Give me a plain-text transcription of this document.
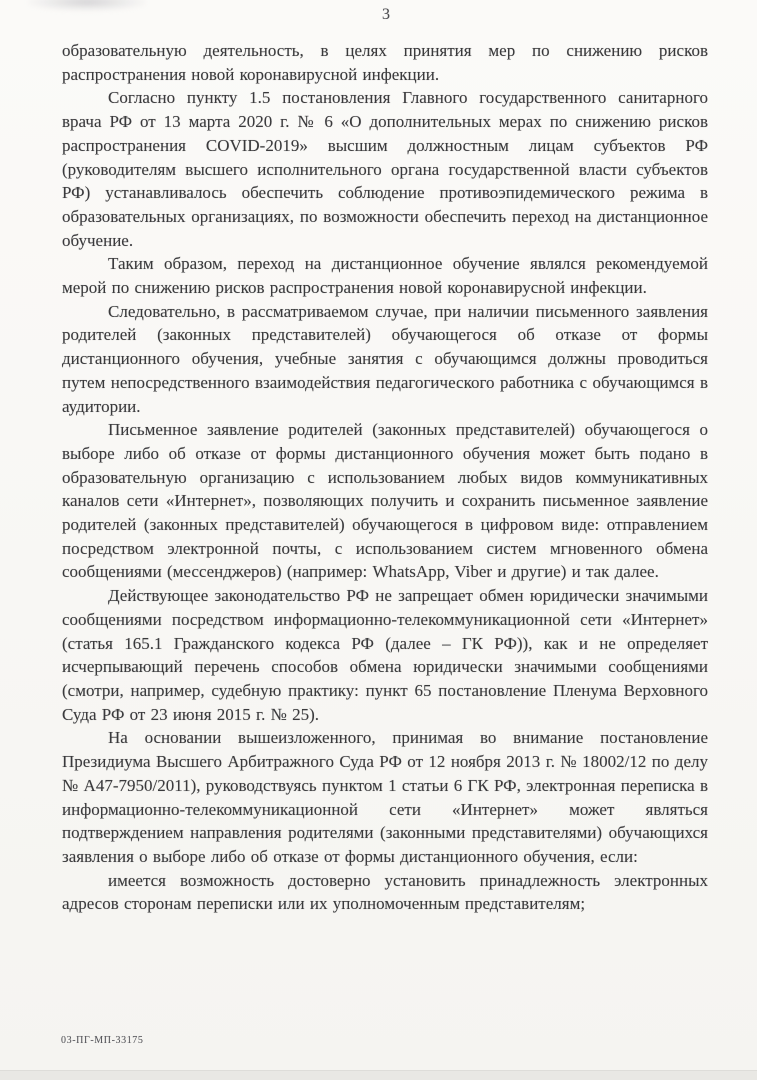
3

образовательную деятельность, в целях принятия мер по снижению рисков распространения новой коронавирусной инфекции.

Согласно пункту 1.5 постановления Главного государственного санитарного врача РФ от 13 марта 2020 г. № 6 «О дополнительных мерах по снижению рисков распространения COVID-2019» высшим должностным лицам субъектов РФ (руководителям высшего исполнительного органа государственной власти субъектов РФ) устанавливалось обеспечить соблюдение противоэпидемического режима в образовательных организациях, по возможности обеспечить переход на дистанционное обучение.

Таким образом, переход на дистанционное обучение являлся рекомендуемой мерой по снижению рисков распространения новой коронавирусной инфекции.

Следовательно, в рассматриваемом случае, при наличии письменного заявления родителей (законных представителей) обучающегося об отказе от формы дистанционного обучения, учебные занятия с обучающимся должны проводиться путем непосредственного взаимодействия педагогического работника с обучающимся в аудитории.

Письменное заявление родителей (законных представителей) обучающегося о выборе либо об отказе от формы дистанционного обучения может быть подано в образовательную организацию с использованием любых видов коммуникативных каналов сети «Интернет», позволяющих получить и сохранить письменное заявление родителей (законных представителей) обучающегося в цифровом виде: отправлением посредством электронной почты, с использованием систем мгновенного обмена сообщениями (мессенджеров) (например: WhatsApp, Viber и другие) и так далее.

Действующее законодательство РФ не запрещает обмен юридически значимыми сообщениями посредством информационно-телекоммуникационной сети «Интернет» (статья 165.1 Гражданского кодекса РФ (далее – ГК РФ)), как и не определяет исчерпывающий перечень способов обмена юридически значимыми сообщениями (смотри, например, судебную практику: пункт 65 постановление Пленума Верховного Суда РФ от 23 июня 2015 г. № 25).

На основании вышеизложенного, принимая во внимание постановление Президиума Высшего Арбитражного Суда РФ от 12 ноября 2013 г. № 18002/12 по делу № А47-7950/2011), руководствуясь пунктом 1 статьи 6 ГК РФ, электронная переписка в информационно-телекоммуникационной сети «Интернет» может являться подтверждением направления родителями (законными представителями) обучающихся заявления о выборе либо об отказе от формы дистанционного обучения, если:

имеется возможность достоверно установить принадлежность электронных адресов сторонам переписки или их уполномоченным представителям;

03-ПГ-МП-33175
